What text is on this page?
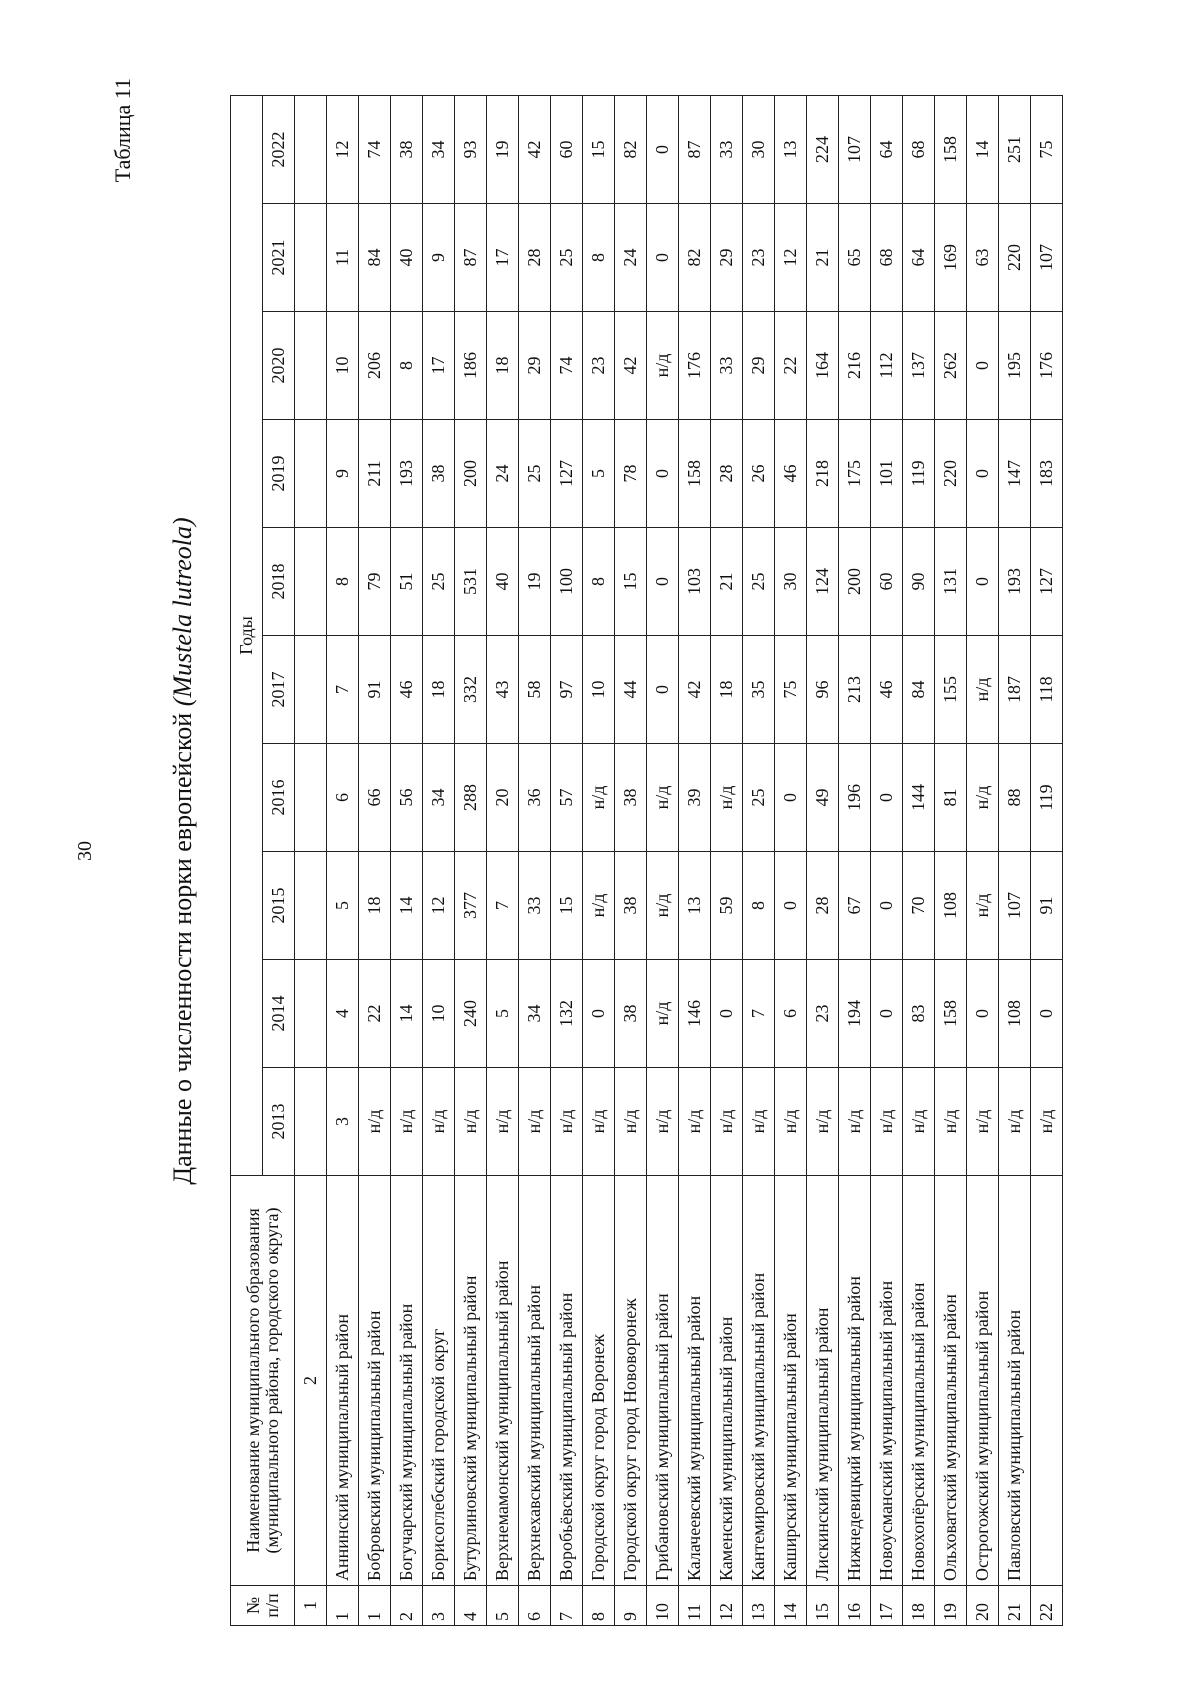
30
Таблица 11
Данные о численности норки европейской (Mustela lutreola)
№ п/п	Наименование муниципального образования (муниципального района, городского округа)	Годы									
		2013	2014	2015	2016	2017	2018	2019	2020	2021	2022
1	2										
1	Аннинский муниципальный район	3	4	5	6	7	8	9	10	11	12
1	Бобровский муниципальный район	н/д	22	18	66	91	79	211	206	84	74
2	Богучарский муниципальный район	н/д	14	14	56	46	51	193	8	40	38
3	Борисоглебский городской округ	н/д	10	12	34	18	25	38	17	9	34
4	Бутурлиновский муниципальный район	н/д	240	377	288	332	531	200	186	87	93
5	Верхнемамонский муниципальный район	н/д	5	7	20	43	40	24	18	17	19
6	Верхнехавский муниципальный район	н/д	34	33	36	58	19	25	29	28	42
7	Воробьёвский муниципальный район	н/д	132	15	57	97	100	127	74	25	60
8	Городской округ город Воронеж	н/д	0	н/д	н/д	10	8	5	23	8	15
9	Городской округ город Нововоронеж	н/д	38	38	38	44	15	78	42	24	82
10	Грибановский муниципальный район	н/д	н/д	н/д	н/д	0	0	0	н/д	0	0
11	Калачеевский муниципальный район	н/д	146	13	39	42	103	158	176	82	87
12	Каменский муниципальный район	н/д	0	59	н/д	18	21	28	33	29	33
13	Кантемировский муниципальный район	н/д	7	8	25	35	25	26	29	23	30
14	Каширский муниципальный район	н/д	6	0	0	75	30	46	22	12	13
15	Лискинский муниципальный район	н/д	23	28	49	96	124	218	164	21	224
16	Нижнедевицкий муниципальный район	н/д	194	67	196	213	200	175	216	65	107
17	Новоусманский муниципальный район	н/д	0	0	0	46	60	101	112	68	64
18	Новохопёрский муниципальный район	н/д	83	70	144	84	90	119	137	64	68
19	Ольховатский муниципальный район	н/д	158	108	81	155	131	220	262	169	158
20	Острогожский муниципальный район	н/д	0	н/д	н/д	н/д	0	0	0	63	14
21	Павловский муниципальный район	н/д	108	107	88	187	193	147	195	220	251
22		н/д	0	91	119	118	127	183	176	107	75
